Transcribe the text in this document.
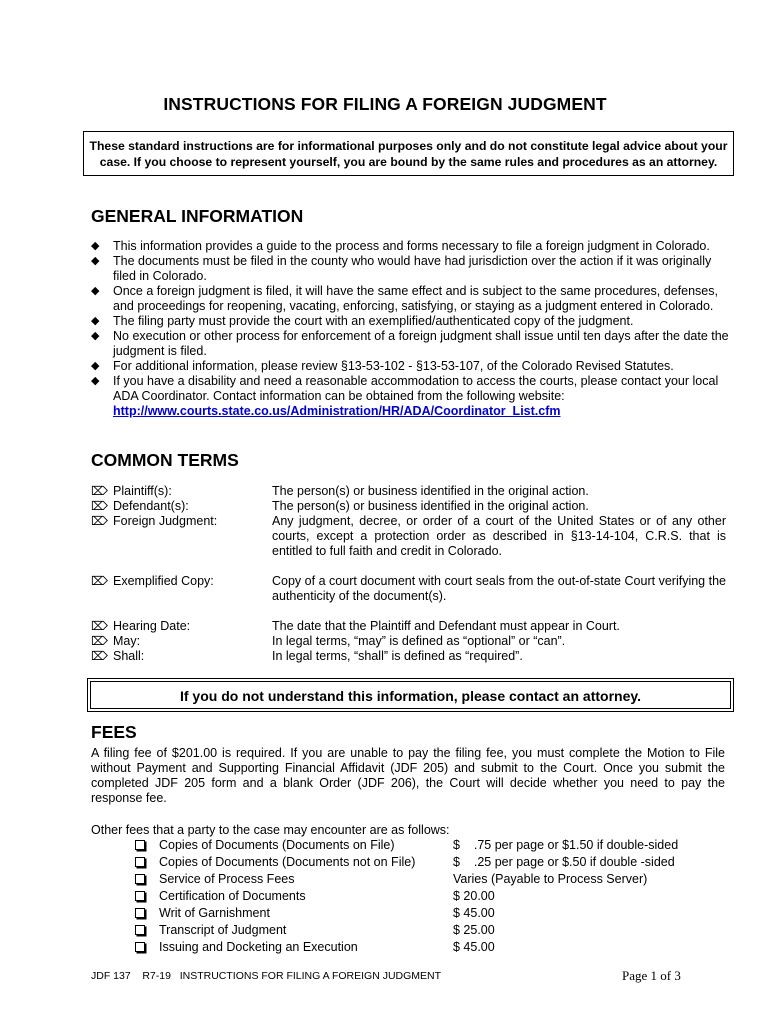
INSTRUCTIONS FOR FILING A FOREIGN JUDGMENT
These standard instructions are for informational purposes only and do not constitute legal advice about your
case. If you choose to represent yourself, you are bound by the same rules and procedures as an attorney.
GENERAL INFORMATION
◆	This information provides a guide to the process and forms necessary to file a foreign judgment in Colorado.
◆	The documents must be filed in the county who would have had jurisdiction over the action if it was originally filed in Colorado.
◆	Once a foreign judgment is filed, it will have the same effect and is subject to the same procedures, defenses, and proceedings for reopening, vacating, enforcing, satisfying, or staying as a judgment entered in Colorado.
◆	The filing party must provide the court with an exemplified/authenticated copy of the judgment.
◆	No execution or other process for enforcement of a foreign judgment shall issue until ten days after the date the judgment is filed.
◆	For additional information, please review §13-53-102 - §13-53-107, of the Colorado Revised Statutes.
◆	If you have a disability and need a reasonable accommodation to access the courts, please contact your local ADA Coordinator. Contact information can be obtained from the following website:
http://www.courts.state.co.us/Administration/HR/ADA/Coordinator_List.cfm
COMMON TERMS
⌦ Plaintiff(s):	The person(s) or business identified in the original action.
⌦ Defendant(s):	The person(s) or business identified in the original action.
⌦ Foreign Judgment:	Any judgment, decree, or order of a court of the United States or of any other courts, except a protection order as described in §13-14-104, C.R.S. that is entitled to full faith and credit in Colorado.
⌦ Exemplified Copy:	Copy of a court document with court seals from the out-of-state Court verifying the authenticity of the document(s).
⌦ Hearing Date:	The date that the Plaintiff and Defendant must appear in Court.
⌦ May:	In legal terms, “may” is defined as “optional” or “can”.
⌦ Shall:	In legal terms, “shall” is defined as “required”.
If you do not understand this information, please contact an attorney.
FEES
A filing fee of $201.00 is required. If you are unable to pay the filing fee, you must complete the Motion to File without Payment and Supporting Financial Affidavit (JDF 205) and submit to the Court. Once you submit the completed JDF 205 form and a blank Order (JDF 206), the Court will decide whether you need to pay the response fee.
Other fees that a party to the case may encounter are as follows:
Copies of Documents (Documents on File)	$    .75 per page or $1.50 if double-sided
Copies of Documents (Documents not on File)	$    .25 per page or $.50 if double -sided
Service of Process Fees	Varies (Payable to Process Server)
Certification of Documents	$ 20.00
Writ of Garnishment	$ 45.00
Transcript of Judgment	$ 25.00
Issuing and Docketing an Execution	$ 45.00
JDF 137    R7-19   INSTRUCTIONS FOR FILING A FOREIGN JUDGMENT	Page 1 of 3
